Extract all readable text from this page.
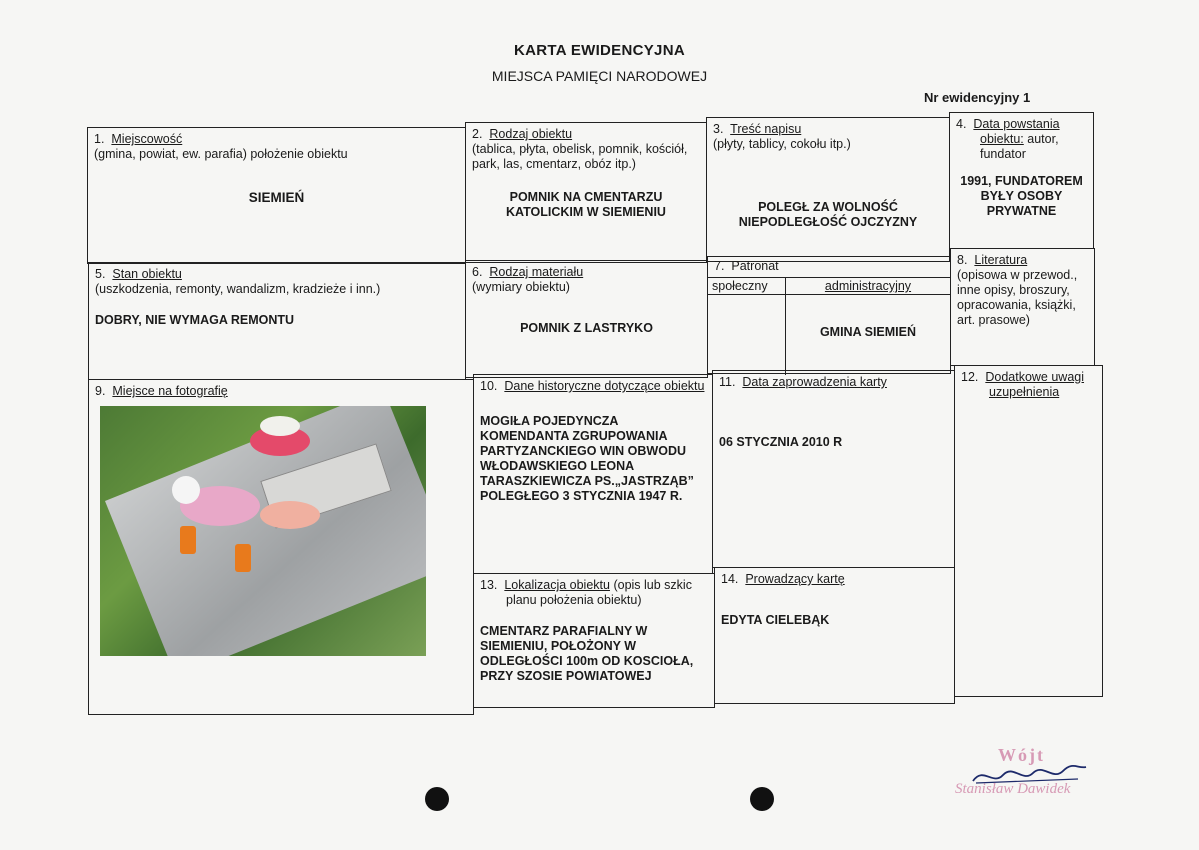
KARTA EWIDENCYJNA
MIEJSCA PAMIĘCI NARODOWEJ
Nr ewidencyjny 1
1. Miejscowość
(gmina, powiat, ew. parafia) położenie obiektu
SIEMIEŃ
2. Rodzaj obiektu
(tablica, płyta, obelisk, pomnik, kościół, park, las, cmentarz, obóz itp.)
POMNIK NA CMENTARZU KATOLICKIM W SIEMIENIU
3. Treść napisu
(płyty, tablicy, cokołu itp.)
POLEGŁ ZA WOLNOŚĆ NIEPODLEGŁOŚĆ OJCZYZNY
4. Data powstania obiektu: autor, fundator
1991, FUNDATOREM BYŁY OSOBY PRYWATNE
5. Stan obiektu
(uszkodzenia, remonty, wandalizm, kradzieże i inn.)
DOBRY, NIE WYMAGA REMONTU
6. Rodzaj materiału
(wymiary obiektu)
POMNIK Z LASTRYKO
7. Patronat
społeczny	administracyjny
GMINA SIEMIEŃ
8. Literatura
(opisowa w przewod., inne opisy, broszury, opracowania, książki, art. prasowe)
9. Miejsce na fotografię	10. Dane historyczne dotyczące obiektu
MOGIŁA POJEDYNCZA KOMENDANTA ZGRUPOWANIA PARTYZANCKIEGO WIN OBWODU WŁODAWSKIEGO LEONA TARASZKIEWICZA PS.„JASTRZĄB” POLEGŁEGO 3 STYCZNIA 1947 R.
11. Data zaprowadzenia karty
06 STYCZNIA 2010 R
12. Dodatkowe uwagi uzupełnienia
13. Lokalizacja obiektu (opis lub szkic planu położenia obiektu)
CMENTARZ PARAFIALNY W SIEMIENIU, POŁOŻONY W ODLEGŁOŚCI 100m OD KOSCIOŁA, PRZY SZOSIE POWIATOWEJ
14. Prowadzący kartę
EDYTA CIELEBĄK
Wójt
Stanisław Dawidek
